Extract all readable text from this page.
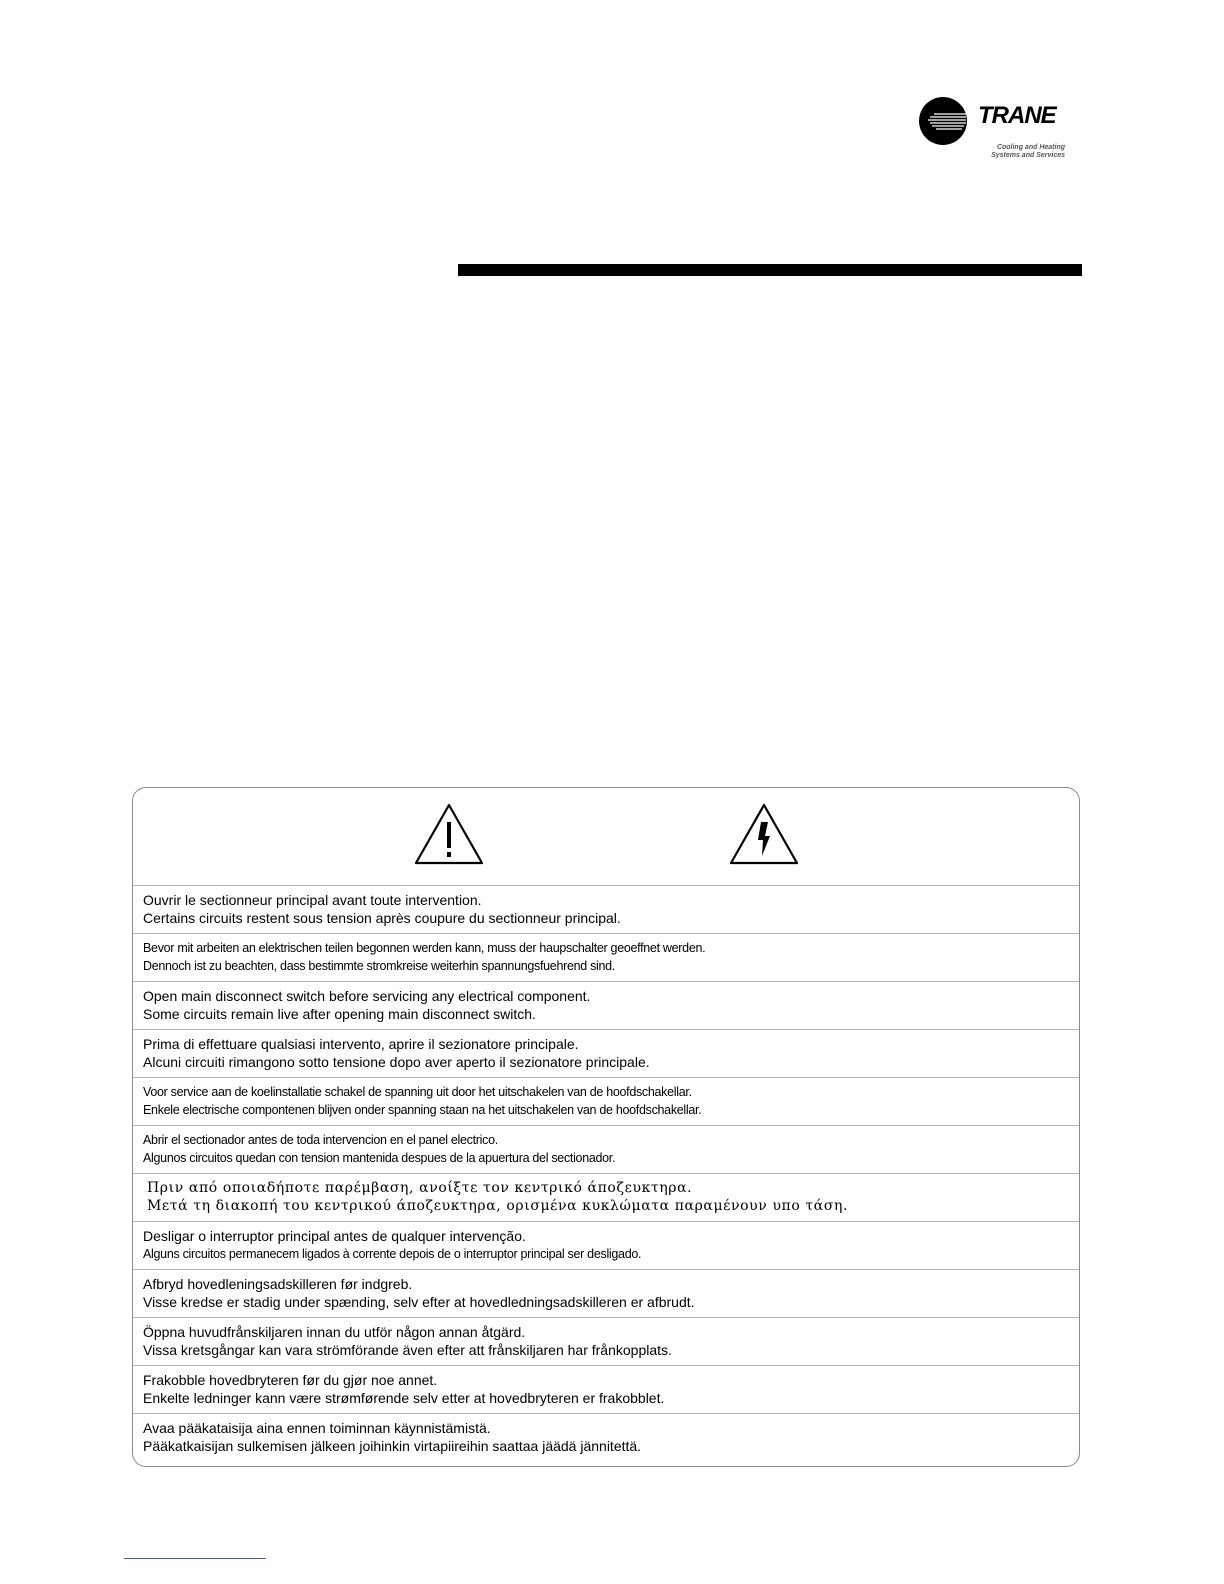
TRANE
Cooling and Heating
Systems and Services
Ouvrir le sectionneur principal avant toute intervention.
Certains circuits restent sous tension après coupure du sectionneur principal.
Bevor mit arbeiten an elektrischen teilen begonnen werden kann, muss der haupschalter geoeffnet werden.
Dennoch ist zu beachten, dass bestimmte stromkreise weiterhin spannungsfuehrend sind.
Open main disconnect switch before servicing any electrical component.
Some circuits remain live after opening main disconnect switch.
Prima di effettuare qualsiasi intervento, aprire il sezionatore principale.
Alcuni circuiti rimangono sotto tensione dopo aver aperto il sezionatore principale.
Voor service aan de koelinstallatie schakel de spanning uit door het uitschakelen van de hoofdschakellar.
Enkele electrische compontenen blijven onder spanning staan na het uitschakelen van de hoofdschakellar.
Abrir el sectionador antes de toda intervencion en el panel electrico.
Algunos circuitos quedan con tension mantenida despues de la apuertura del sectionador.
Πριν από οποιαδήποτε παρέμβαση, ανοίξτε τον κεντρικό άποζευκτηρα.
Μετά τη διακοπή του κεντρικού άποζευκτηρα, ορισμένα κυκλώματα παραμένουν υπο τάση.
Desligar o interruptor principal antes de qualquer intervenção.
Alguns circuitos permanecem ligados à corrente depois de o interruptor principal ser desligado.
Afbryd hovedleningsadskilleren før indgreb.
Visse kredse er stadig under spænding, selv efter at hovedledningsadskilleren er afbrudt.
Öppna huvudfrånskiljaren innan du utför någon annan åtgärd.
Vissa kretsgångar kan vara strömförande även efter att frånskiljaren har frånkopplats.
Frakobble hovedbryteren før du gjør noe annet.
Enkelte ledninger kann være strømførende selv etter at hovedbryteren er frakobblet.
Avaa pääkataisija aina ennen toiminnan käynnistämistä.
Pääkatkaisijan sulkemisen jälkeen joihinkin virtapiireihin saattaa jäädä jännitettä.
